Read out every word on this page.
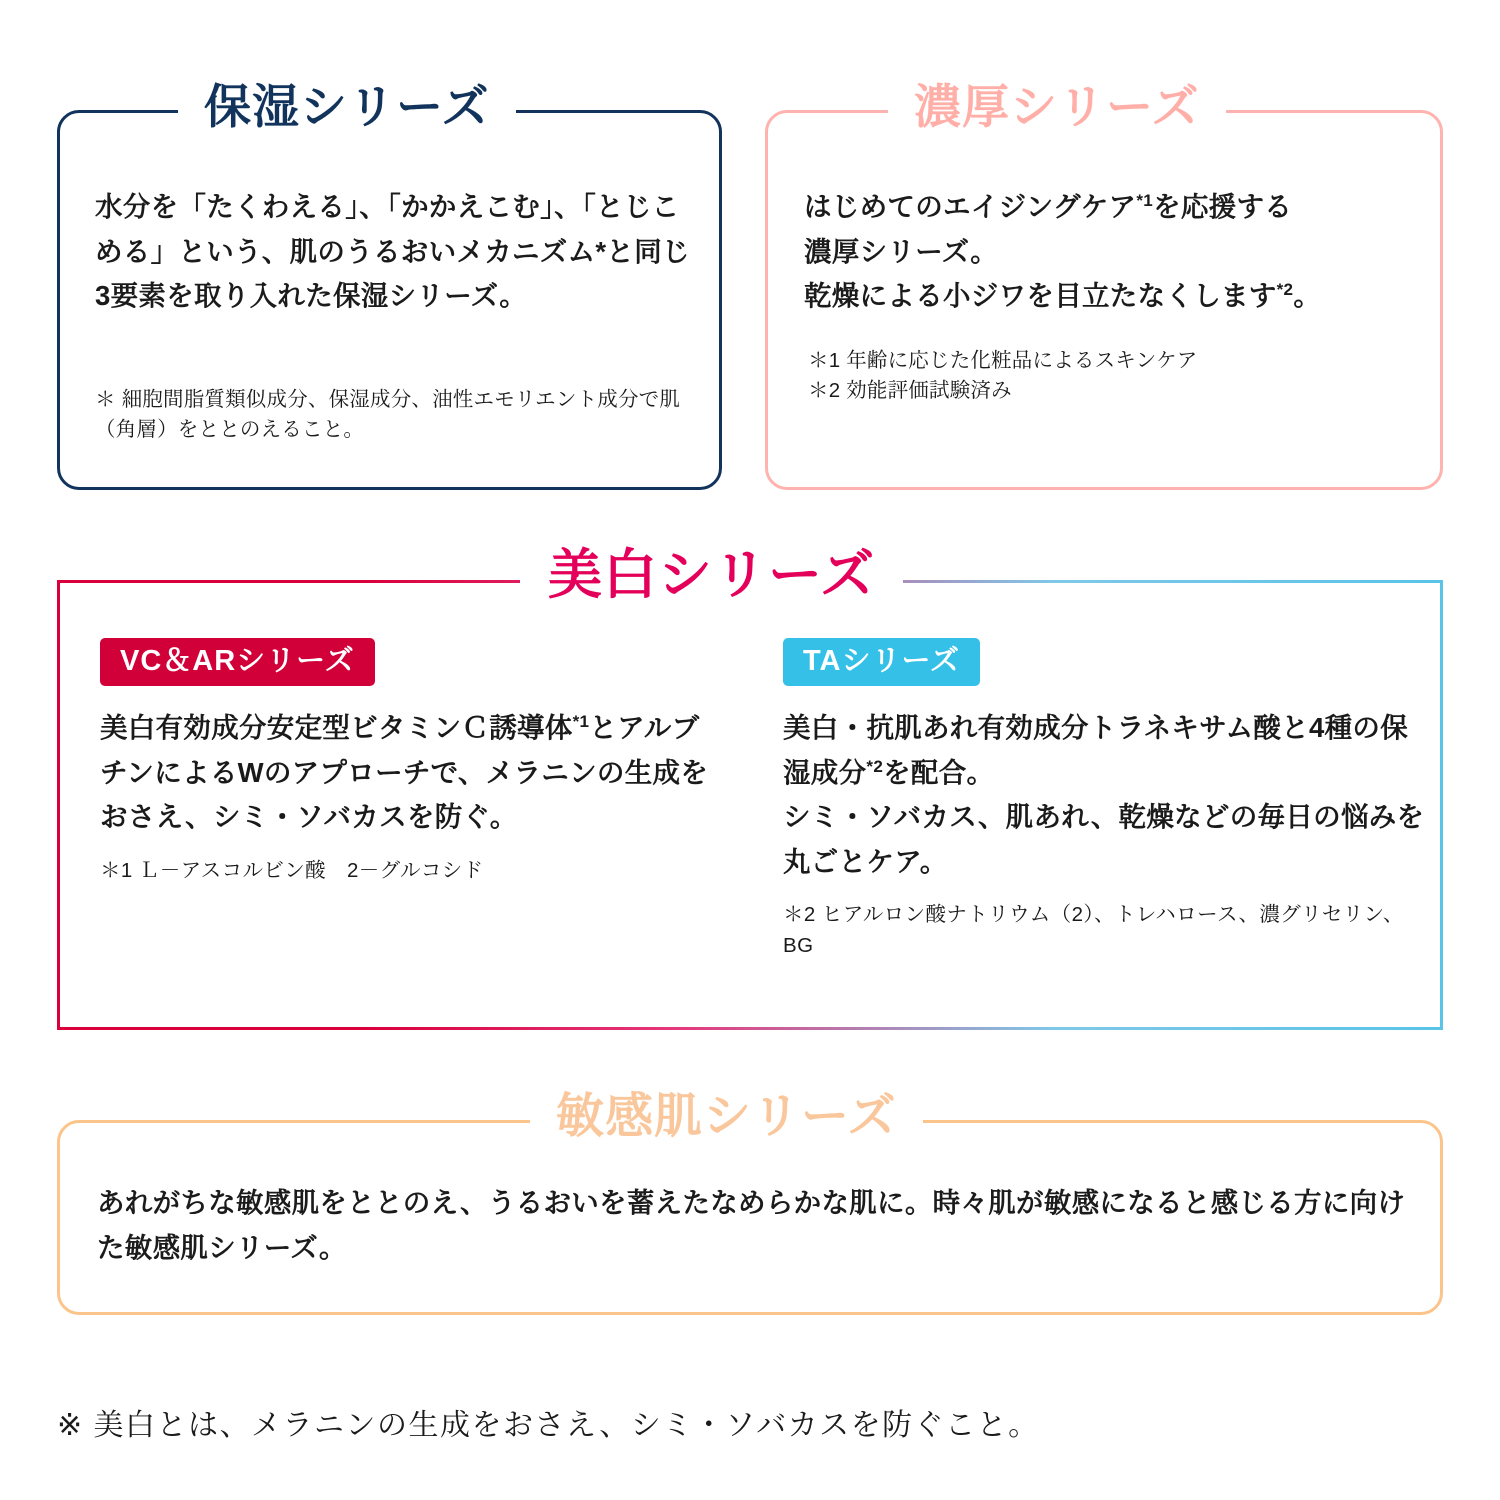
保湿シリーズ
水分を「たくわえる」、「かかえこむ」、「とじこめる」という、肌のうるおいメカニズム*と同じ3要素を取り入れた保湿シリーズ。
＊ 細胞間脂質類似成分、保湿成分、油性エモリエント成分で肌（角層）をととのえること。
濃厚シリーズ
はじめてのエイジングケア$^{*1}$を応援する
濃厚シリーズ。
乾燥による小ジワを目立たなくします$^{*2}$。
＊1 年齢に応じた化粧品によるスキンケア
＊2 効能評価試験済み
VC＆ARシリーズ
美白有効成分安定型ビタミンＣ誘導体$^{*1}$とアルブチンによるWのアプローチで、メラニンの生成をおさえ、シミ・ソバカスを防ぐ。
＊1 Ｌ－アスコルビン酸　2－グルコシド
TAシリーズ
美白・抗肌あれ有効成分トラネキサム酸と4種の保湿成分$^{*2}$を配合。
シミ・ソバカス、肌あれ、乾燥などの毎日の悩みを丸ごとケア。
＊2 ヒアルロン酸ナトリウム（2）、トレハロース、濃グリセリン、BG
美白シリーズ
敏感肌シリーズ
あれがちな敏感肌をととのえ、うるおいを蓄えたなめらかな肌に。時々肌が敏感になると感じる方に向けた敏感肌シリーズ。
※ 美白とは、メラニンの生成をおさえ、シミ・ソバカスを防ぐこと。
